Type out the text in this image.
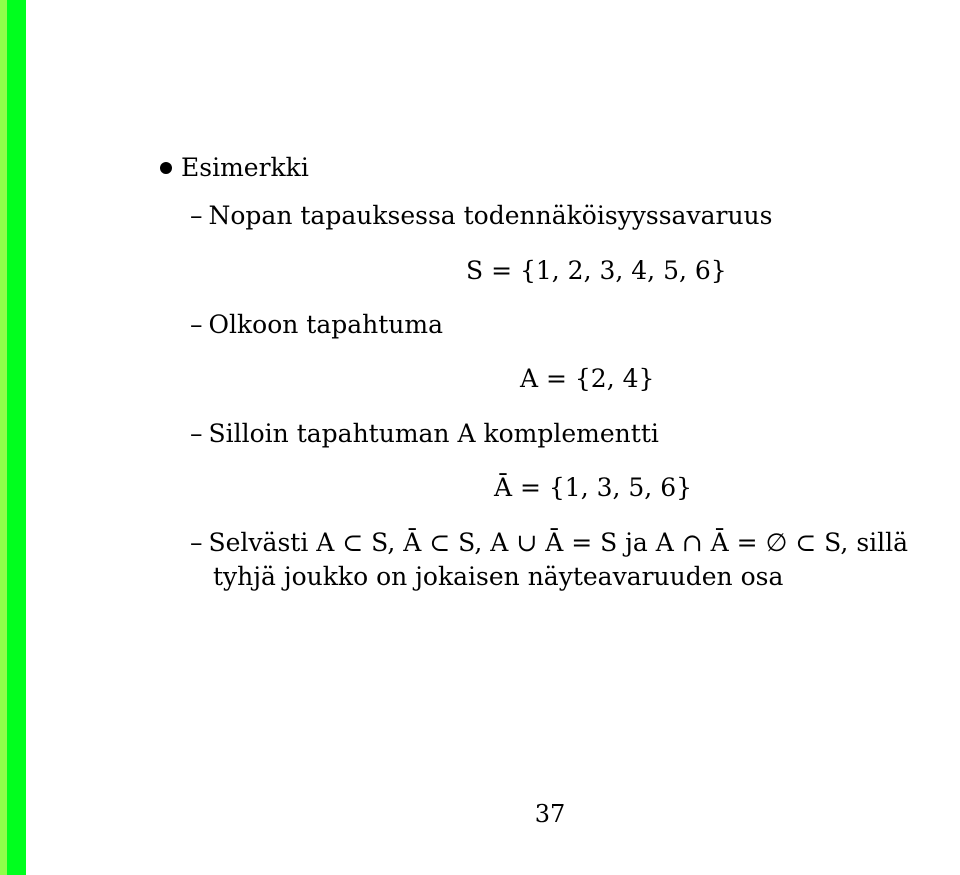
Esimerkki
– Nopan tapauksessa todennäköisyyssavaruus
S = {1, 2, 3, 4, 5, 6}
– Olkoon tapahtuma
A = {2, 4}
– Silloin tapahtuman A komplementti
Ā = {1, 3, 5, 6}
– Selvästi A ⊂ S, Ā ⊂ S, A ∪ Ā = S ja A ∩ Ā = ∅ ⊂ S, sillä
tyhjä joukko on jokaisen näyteavaruuden osa
37
